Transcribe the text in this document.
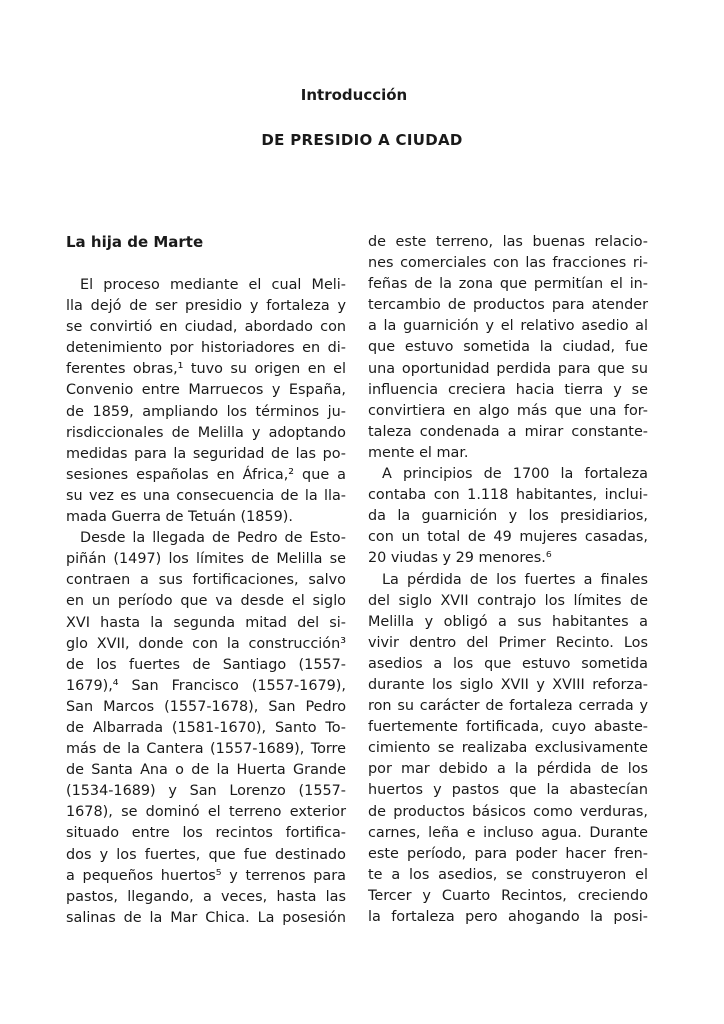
Introducción
DE PRESIDIO A CIUDAD
La hija de Marte
El proceso mediante el cual Meli-
lla dejó de ser presidio y fortaleza y
se convirtió en ciudad, abordado con
detenimiento por historiadores en di-
ferentes obras,¹ tuvo su origen en el
Convenio entre Marruecos y España,
de 1859, ampliando los términos ju-
risdiccionales de Melilla y adoptando
medidas para la seguridad de las po-
sesiones españolas en África,² que a
su vez es una consecuencia de la lla-
mada Guerra de Tetuán (1859).
Desde la llegada de Pedro de Esto-
piñán (1497) los límites de Melilla se
contraen a sus fortificaciones, salvo
en un período que va desde el siglo
XVI hasta la segunda mitad del si-
glo XVII, donde con la construcción³
de los fuertes de Santiago (1557-
1679),⁴ San Francisco (1557-1679),
San Marcos (1557-1678), San Pedro
de Albarrada (1581-1670), Santo To-
más de la Cantera (1557-1689), Torre
de Santa Ana o de la Huerta Grande
(1534-1689) y San Lorenzo (1557-
1678), se dominó el terreno exterior
situado entre los recintos fortifica-
dos y los fuertes, que fue destinado
a pequeños huertos⁵ y terrenos para
pastos, llegando, a veces, hasta las
salinas de la Mar Chica. La posesión
de este terreno, las buenas relacio-
nes comerciales con las fracciones ri-
feñas de la zona que permitían el in-
tercambio de productos para atender
a la guarnición y el relativo asedio al
que estuvo sometida la ciudad, fue
una oportunidad perdida para que su
influencia creciera hacia tierra y se
convirtiera en algo más que una for-
taleza condenada a mirar constante-
mente el mar.
A principios de 1700 la fortaleza
contaba con 1.118 habitantes, inclui-
da la guarnición y los presidiarios,
con un total de 49 mujeres casadas,
20 viudas y 29 menores.⁶
La pérdida de los fuertes a finales
del siglo XVII contrajo los límites de
Melilla y obligó a sus habitantes a
vivir dentro del Primer Recinto. Los
asedios a los que estuvo sometida
durante los siglo XVII y XVIII reforza-
ron su carácter de fortaleza cerrada y
fuertemente fortificada, cuyo abaste-
cimiento se realizaba exclusivamente
por mar debido a la pérdida de los
huertos y pastos que la abastecían
de productos básicos como verduras,
carnes, leña e incluso agua. Durante
este período, para poder hacer fren-
te a los asedios, se construyeron el
Tercer y Cuarto Recintos, creciendo
la fortaleza pero ahogando la posi-
